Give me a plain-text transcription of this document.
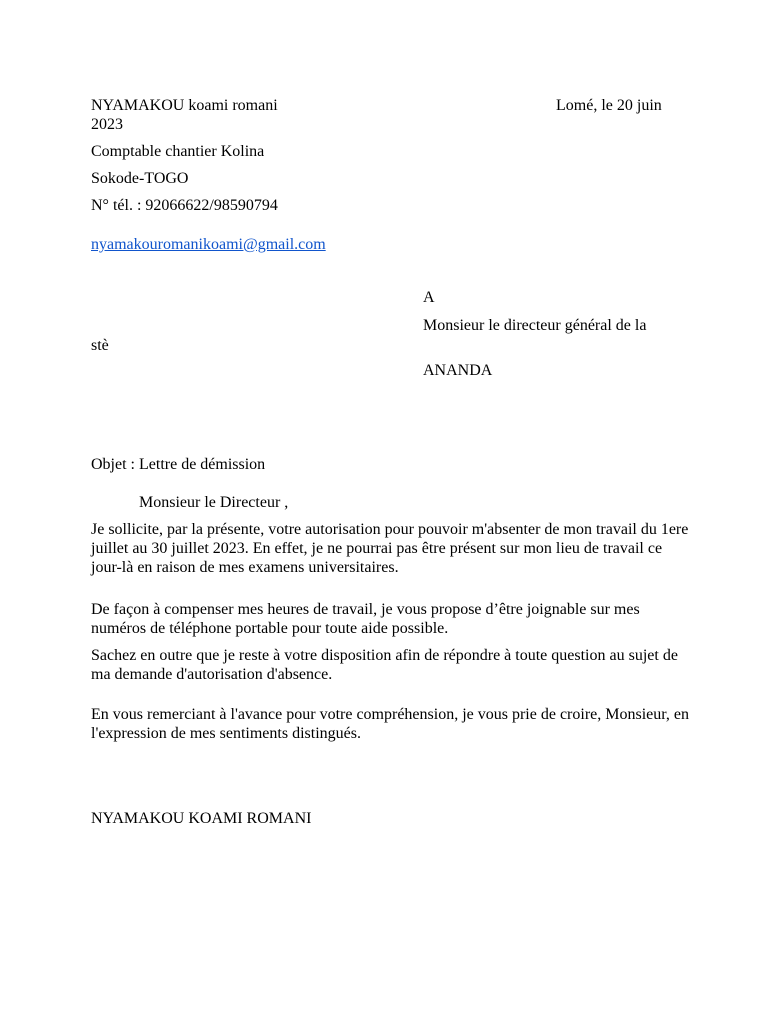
NYAMAKOU koami romani	Lomé, le 20 juin
2023
Comptable chantier Kolina
Sokode-TOGO
N° tél. : 92066622/98590794
nyamakouromanikoami@gmail.com
A
Monsieur le directeur général de la
stè
ANANDA
Objet : Lettre de démission
Monsieur le Directeur ,
Je sollicite, par la présente, votre autorisation pour pouvoir m'absenter de mon travail du 1ere juillet au 30 juillet 2023. En effet, je ne pourrai pas être présent sur mon lieu de travail ce jour-là en raison de mes examens universitaires.
De façon à compenser mes heures de travail, je vous propose d’être joignable sur mes numéros de téléphone portable pour toute aide possible.
Sachez en outre que je reste à votre disposition afin de répondre à toute question au sujet de ma demande d'autorisation d'absence.
En vous remerciant à l'avance pour votre compréhension, je vous prie de croire, Monsieur, en l'expression de mes sentiments distingués.
NYAMAKOU KOAMI ROMANI
